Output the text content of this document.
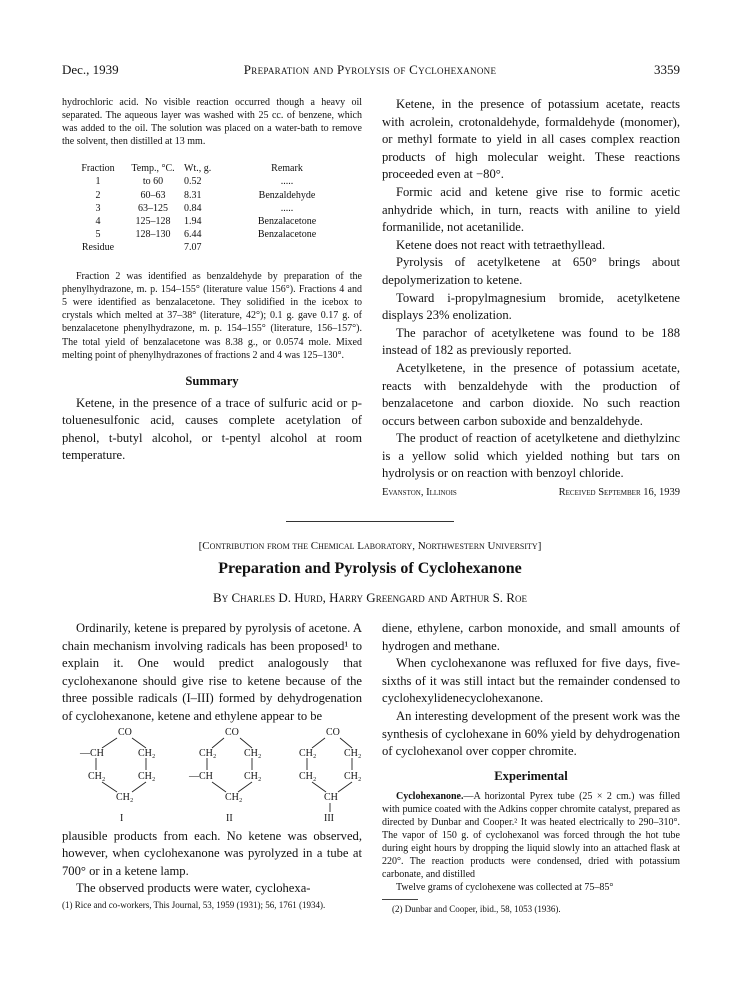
Dec., 1939	Preparation and Pyrolysis of Cyclohexanone	3359

hydrochloric acid. No visible reaction occurred though a heavy oil separated. The aqueous layer was washed with 25 cc. of benzene, which was added to the oil. The solution was placed on a water-bath to remove the solvent, then distilled at 13 mm.

Fraction	Temp., °C.	Wt., g.	Remark
1	to 60	0.52	.....
2	60–63	8.31	Benzaldehyde
3	63–125	0.84	.....
4	125–128	1.94	Benzalacetone
5	128–130	6.44	Benzalacetone
Residue		7.07	

Fraction 2 was identified as benzaldehyde by preparation of the phenylhydrazone, m. p. 154–155° (literature value 156°). Fractions 4 and 5 were identified as benzalacetone. They solidified in the icebox to crystals which melted at 37–38° (literature, 42°); 0.1 g. gave 0.17 g. of benzalacetone phenylhydrazone, m. p. 154–155° (literature, 156–157°). The total yield of benzalacetone was 8.38 g., or 0.0574 mole. Mixed melting point of phenylhydrazones of fractions 2 and 4 was 125–130°.

Summary

Ketene, in the presence of a trace of sulfuric acid or p-toluenesulfonic acid, causes complete acetylation of phenol, t-butyl alcohol, or t-pentyl alcohol at room temperature.

Ketene, in the presence of potassium acetate, reacts with acrolein, crotonaldehyde, formaldehyde (monomer), or methyl formate to yield in all cases complex reaction products of high molecular weight. These reactions proceeded even at −80°.

Formic acid and ketene give rise to formic acetic anhydride which, in turn, reacts with aniline to yield formanilide, not acetanilide.

Ketene does not react with tetraethyllead.

Pyrolysis of acetylketene at 650° brings about depolymerization to ketene.

Toward i-propylmagnesium bromide, acetylketene displays 23% enolization.

The parachor of acetylketene was found to be 188 instead of 182 as previously reported.

Acetylketene, in the presence of potassium acetate, reacts with benzaldehyde with the production of benzalacetone and carbon dioxide. No such reaction occurs between carbon suboxide and benzaldehyde.

The product of reaction of acetylketene and diethylzinc is a yellow solid which yielded nothing but tars on hydrolysis or on reaction with benzoyl chloride.

Evanston, Illinois	Received September 16, 1939
[Contribution from the Chemical Laboratory, Northwestern University]
Preparation and Pyrolysis of Cyclohexanone
By Charles D. Hurd, Harry Greengard and Arthur S. Roe

Ordinarily, ketene is prepared by pyrolysis of acetone. A chain mechanism involving radicals has been proposed¹ to explain it. One would predict analogously that cyclohexanone should give rise to ketene because of the three possible radicals (I–III) formed by dehydrogenation of cyclohexanone, ketene and ethylene appear to be

CO
—CH	CH₂
CH₂	CH₂
CH₂
CO
CH₂	CH₂
—CH	CH₂
CH₂
CO
CH₂	CH₂
CH₂	CH₂
CH
I	II	III

plausible products from each. No ketene was observed, however, when cyclohexanone was pyrolyzed in a tube at 700° or in a ketene lamp.

The observed products were water, cyclohexa-

(1) Rice and co-workers, This Journal, 53, 1959 (1931); 56, 1761 (1934).

diene, ethylene, carbon monoxide, and small amounts of hydrogen and methane.

When cyclohexanone was refluxed for five days, five-sixths of it was still intact but the remainder condensed to cyclohexylidenecyclohexanone.

An interesting development of the present work was the synthesis of cyclohexane in 60% yield by dehydrogenation of cyclohexanol over copper chromite.

Experimental

Cyclohexanone.—A horizontal Pyrex tube (25 × 2 cm.) was filled with pumice coated with the Adkins copper chromite catalyst, prepared as directed by Dunbar and Cooper.² It was heated electrically to 290–310°. The vapor of 150 g. of cyclohexanol was forced through the hot tube during eight hours by dropping the liquid slowly into an attached flask at 220°. The reaction products were condensed, dried with potassium carbonate, and distilled

Twelve grams of cyclohexene was collected at 75–85°

(2) Dunbar and Cooper, ibid., 58, 1053 (1936).
